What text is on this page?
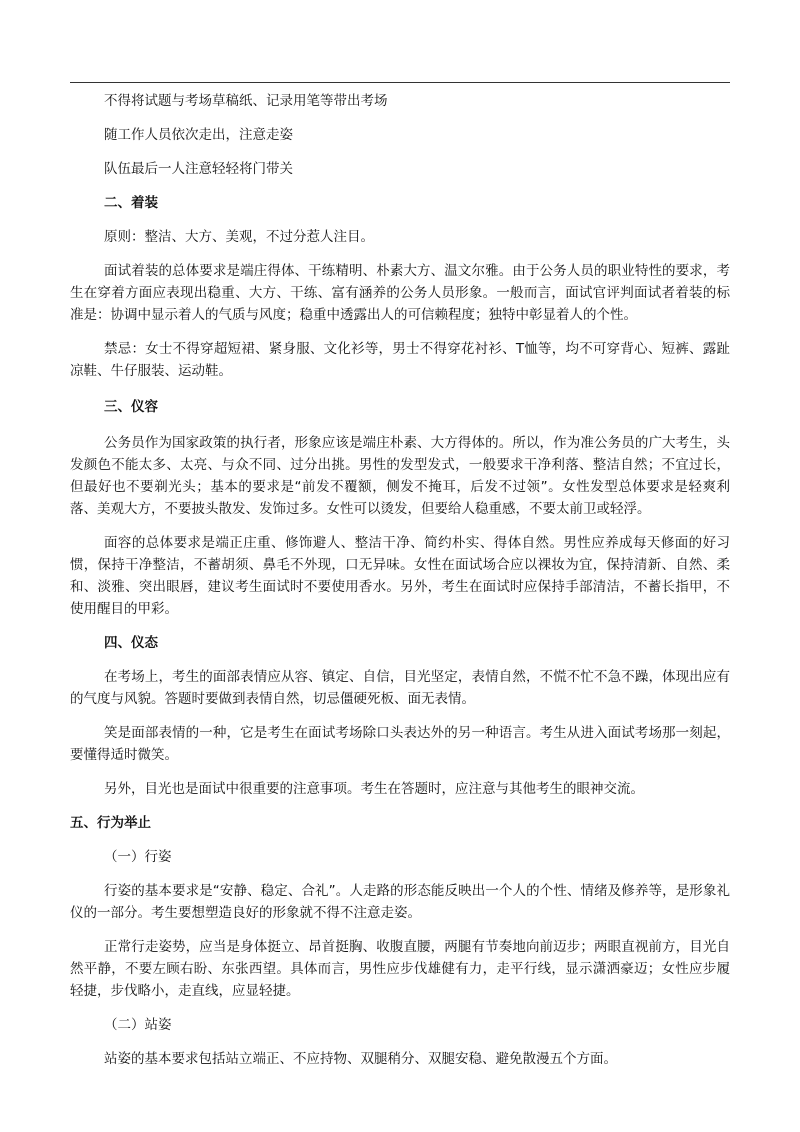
不得将试题与考场草稿纸、记录用笔等带出考场

随工作人员依次走出，注意走姿

队伍最后一人注意轻轻将门带关

二、着装

原则：整洁、大方、美观，不过分惹人注目。

面试着装的总体要求是端庄得体、干练精明、朴素大方、温文尔雅。由于公务人员的职业特性的要求，考生在穿着方面应表现出稳重、大方、干练、富有涵养的公务人员形象。一般而言，面试官评判面试者着装的标准是：协调中显示着人的气质与风度；稳重中透露出人的可信赖程度；独特中彰显着人的个性。

禁忌：女士不得穿超短裙、紧身服、文化衫等，男士不得穿花衬衫、T恤等，均不可穿背心、短裤、露趾凉鞋、牛仔服装、运动鞋。

三、仪容

公务员作为国家政策的执行者，形象应该是端庄朴素、大方得体的。所以，作为准公务员的广大考生，头发颜色不能太多、太亮、与众不同、过分出挑。男性的发型发式，一般要求干净利落、整洁自然；不宜过长，但最好也不要剃光头；基本的要求是“前发不覆额，侧发不掩耳，后发不过领”。女性发型总体要求是轻爽利落、美观大方，不要披头散发、发饰过多。女性可以烫发，但要给人稳重感，不要太前卫或轻浮。

面容的总体要求是端正庄重、修饰避人、整洁干净、简约朴实、得体自然。男性应养成每天修面的好习惯，保持干净整洁，不蓄胡须、鼻毛不外现，口无异味。女性在面试场合应以裸妆为宜，保持清新、自然、柔和、淡雅、突出眼唇，建议考生面试时不要使用香水。另外，考生在面试时应保持手部清洁，不蓄长指甲，不使用醒目的甲彩。

四、仪态

在考场上，考生的面部表情应从容、镇定、自信，目光坚定，表情自然，不慌不忙不急不躁，体现出应有的气度与风貌。答题时要做到表情自然，切忌僵硬死板、面无表情。

笑是面部表情的一种，它是考生在面试考场除口头表达外的另一种语言。考生从进入面试考场那一刻起，要懂得适时微笑。

另外，目光也是面试中很重要的注意事项。考生在答题时，应注意与其他考生的眼神交流。

五、行为举止

（一）行姿

行姿的基本要求是“安静、稳定、合礼”。人走路的形态能反映出一个人的个性、情绪及修养等，是形象礼仪的一部分。考生要想塑造良好的形象就不得不注意走姿。

正常行走姿势，应当是身体挺立、昂首挺胸、收腹直腰，两腿有节奏地向前迈步；两眼直视前方，目光自然平静，不要左顾右盼、东张西望。具体而言，男性应步伐雄健有力，走平行线，显示潇洒豪迈；女性应步履轻捷，步伐略小，走直线，应显轻捷。

（二）站姿

站姿的基本要求包括站立端正、不应持物、双腿稍分、双腿安稳、避免散漫五个方面。
